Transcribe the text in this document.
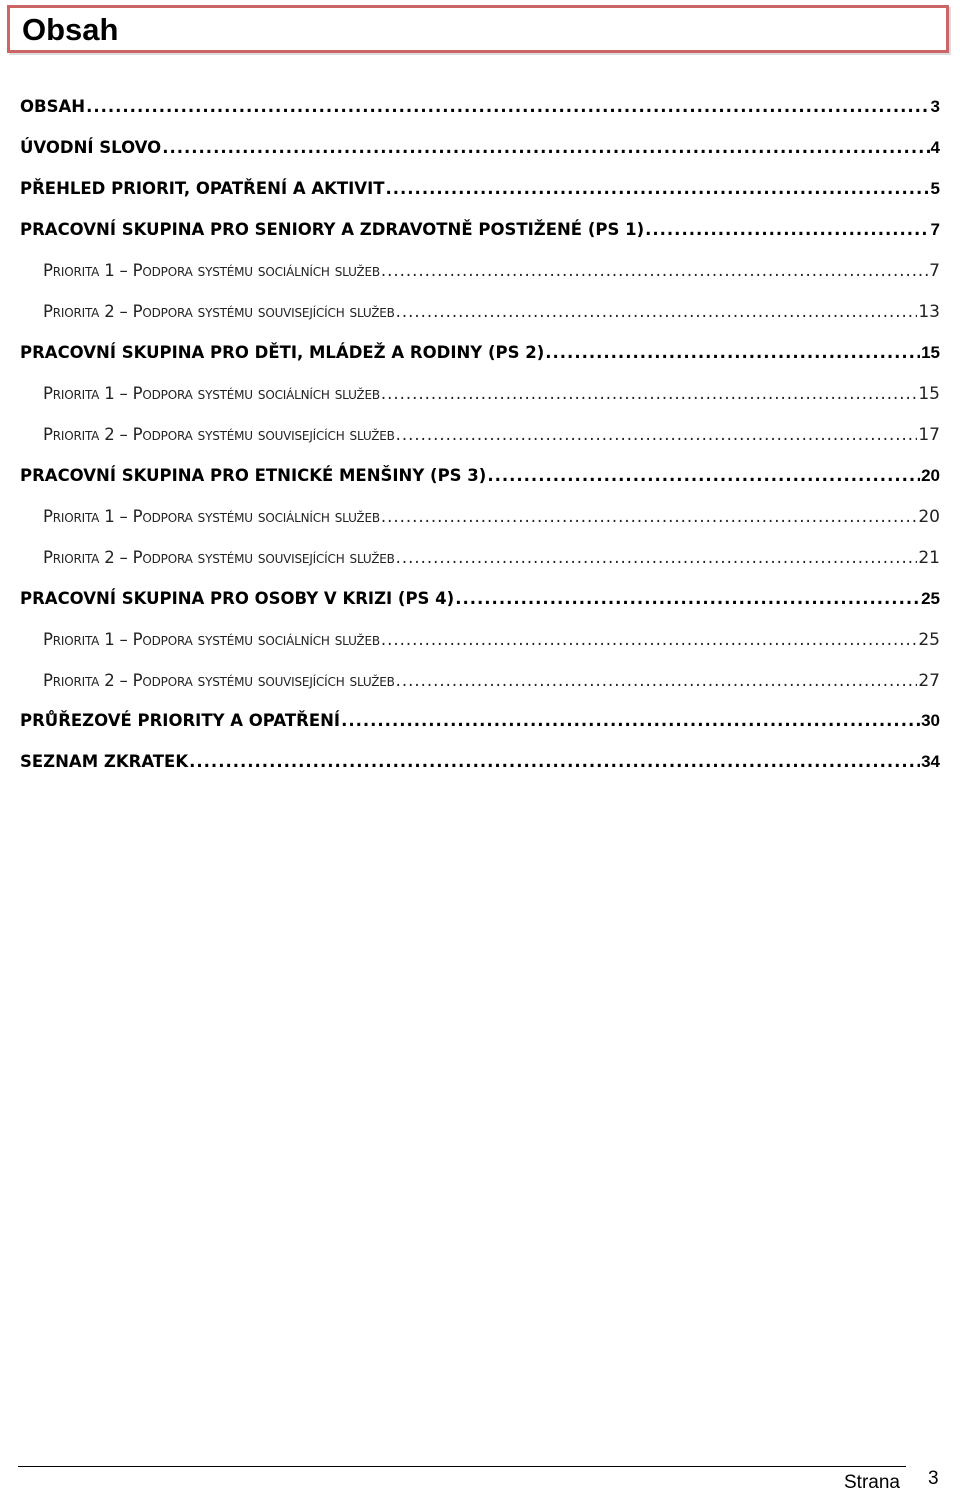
Obsah
OBSAH .....	3
ÚVODNÍ SLOVO .....	4
PŘEHLED PRIORIT, OPATŘENÍ A AKTIVIT .....	5
PRACOVNÍ SKUPINA PRO SENIORY A ZDRAVOTNĚ POSTIŽENÉ (PS 1) .....	7
Priorita 1 – Podpora systému sociálních služeb .....	7
Priorita 2 – Podpora systému souvisejících služeb .....	13
PRACOVNÍ SKUPINA PRO DĚTI, MLÁDEŽ A RODINY (PS 2) .....	15
Priorita 1 – Podpora systému sociálních služeb .....	15
Priorita 2 – Podpora systému souvisejících služeb .....	17
PRACOVNÍ SKUPINA PRO ETNICKÉ MENŠINY (PS 3) .....	20
Priorita 1 – Podpora systému sociálních služeb .....	20
Priorita 2 – Podpora systému souvisejících služeb .....	21
PRACOVNÍ SKUPINA PRO OSOBY V KRIZI (PS 4) .....	25
Priorita 1 – Podpora systému sociálních služeb .....	25
Priorita 2 – Podpora systému souvisejících služeb .....	27
PRŮŘEZOVÉ PRIORITY A OPATŘENÍ .....	30
SEZNAM ZKRATEK .....	34
Strana 3
